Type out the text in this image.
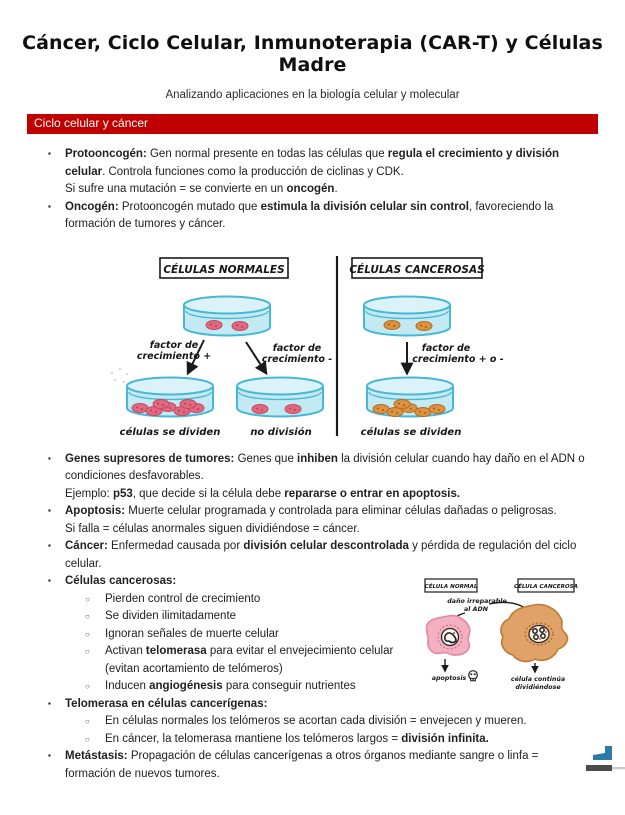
Cáncer, Ciclo Celular, Inmunoterapia (CAR-T) y Células Madre
Analizando aplicaciones en la biología celular y molecular
Ciclo celular y cáncer
▪ Protooncogén: Gen normal presente en todas las células que regula el crecimiento y división celular. Controla funciones como la producción de ciclinas y CDK.
Si sufre una mutación = se convierte en un oncogén.
▪ Oncogén: Protooncogén mutado que estimula la división celular sin control, favoreciendo la formación de tumores y cáncer.
CÉLULAS NORMALES
factor de
crecimiento +
factor de
crecimiento -
células se dividen	no división
CÉLULAS CANCEROSAS
factor de
crecimiento + o -
células se dividen
▪ Genes supresores de tumores: Genes que inhiben la división celular cuando hay daño en el ADN o condiciones desfavorables.
Ejemplo: p53, que decide si la célula debe repararse o entrar en apoptosis.
▪ Apoptosis: Muerte celular programada y controlada para eliminar células dañadas o peligrosas.
Si falla = células anormales siguen dividiéndose = cáncer.
▪ Cáncer: Enfermedad causada por división celular descontrolada y pérdida de regulación del ciclo celular.
▪ Células cancerosas:
○ Pierden control de crecimiento
○ Se dividen ilimitadamente
○ Ignoran señales de muerte celular
○ Activan telomerasa para evitar el envejecimiento celular
(evitan acortamiento de telómeros)
○ Inducen angiogénesis para conseguir nutrientes
CÉLULA NORMAL	CÉLULA CANCEROSA
daño irreparable
al ADN
apoptosis	célula continúa
dividiéndose
▪ Telomerasa en células cancerígenas:
○ En células normales los telómeros se acortan cada división = envejecen y mueren.
○ En cáncer, la telomerasa mantiene los telómeros largos = división infinita.
▪ Metástasis: Propagación de células cancerígenas a otros órganos mediante sangre o linfa = formación de nuevos tumores.
